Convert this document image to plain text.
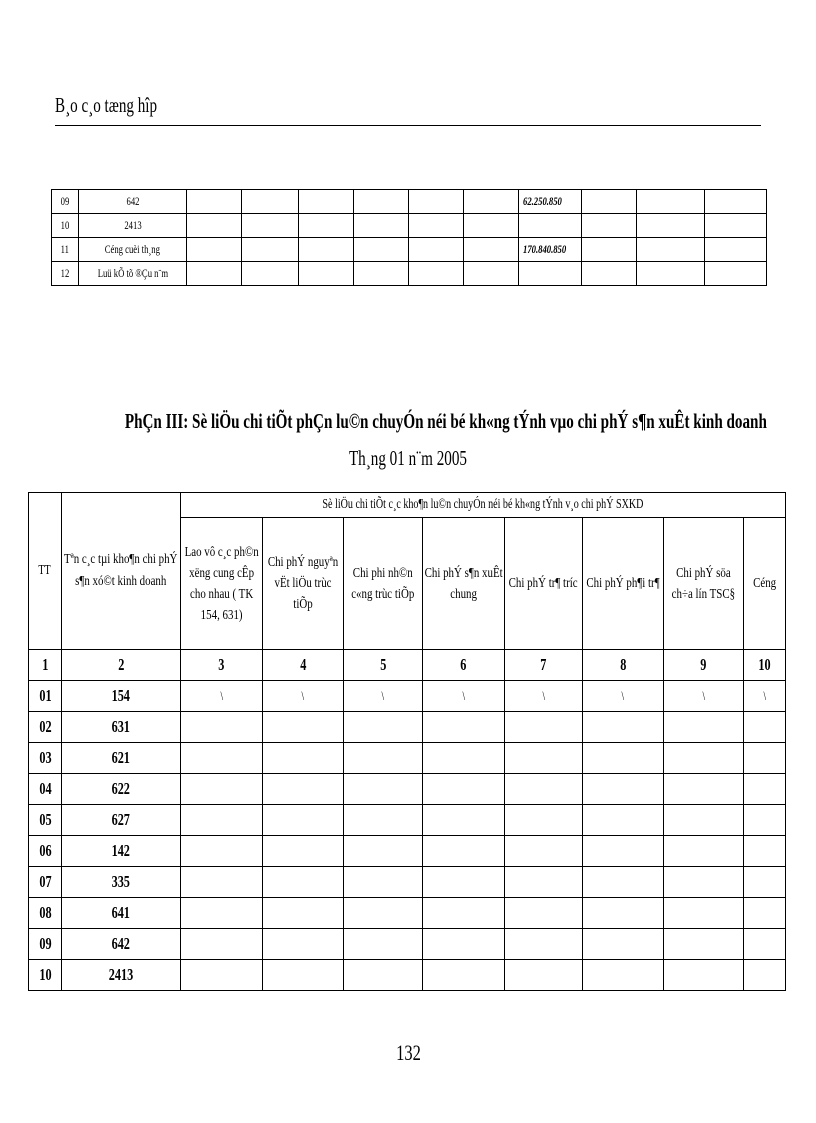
B¸o c¸o tæng hîp
09	642							62.250.850			
10	2413										
11	Céng cuèi th¸ng							170.840.850			
12	Luü kÕ tõ ®Çu n¨m										
PhÇn III: Sè liÖu chi tiÕt phÇn lu©n chuyÓn néi bé kh«ng tÝnh vµo chi phÝ s¶n xuÊt kinh doanh
Th¸ng 01 n¨m 2005
TT	Tªn c¸c tµi kho¶n chi phÝ s¶n xó©t kinh doanh	Sè liÖu chi tiÕt c¸c kho¶n lu©n chuyÓn néi bé kh«ng tÝnh v¸o chi phÝ SXKD							
		Lao vô c¸c ph©n xëng cung cÊp cho nhau ( TK 154, 631)	Chi phÝ nguyªn vËt liÖu trùc tiÕp	Chi phi nh©n c«ng trùc tiÕp	Chi phÝ s¶n xuÊt chung	Chi phÝ tr¶ tríc	Chi phÝ ph¶i tr¶	Chi phÝ söa ch÷a lín TSC§	Céng
1	2	3	4	5	6	7	8	9	10
01	154	\	\	\	\	\	\	\	\
02	631								
03	621								
04	622								
05	627								
06	142								
07	335								
08	641								
09	642								
10	2413								
132
